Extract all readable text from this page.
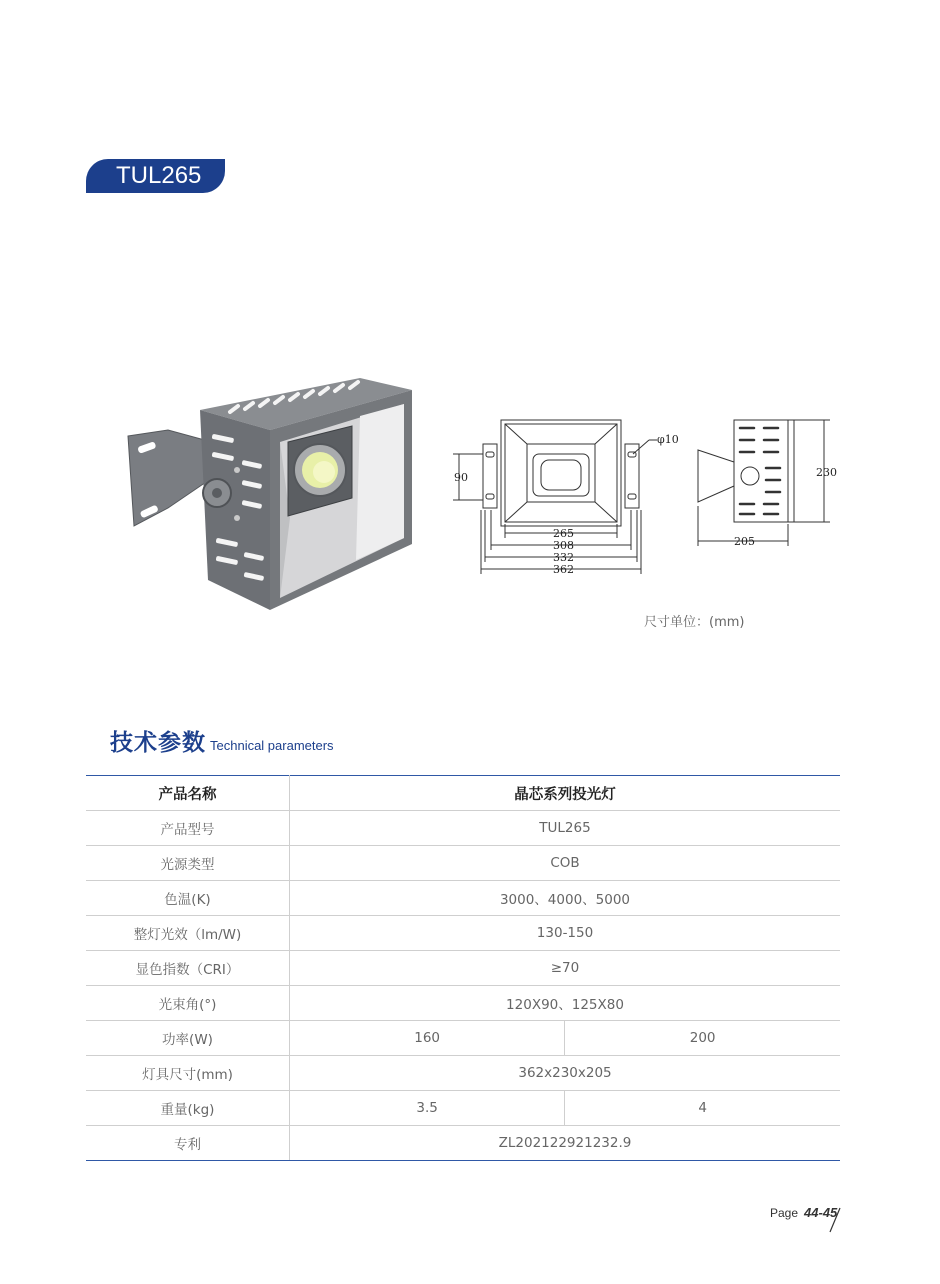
TUL265
90
φ10
265
308
332
362
230
205
尺寸单位：(mm)
技术参数 Technical parameters
产品名称	晶芯系列投光灯	
产品型号	TUL265	
光源类型	COB	
色温(K)	3000、4000、5000	
整灯光效（lm/W)	130-150	
显色指数（CRI）	≥70	
光束角(°)	120X90、125X80	
功率(W)	160	200
灯具尺寸(mm)	362x230x205	
重量(kg)	3.5	4
专利	ZL202122921232.9	
Page 44-45
